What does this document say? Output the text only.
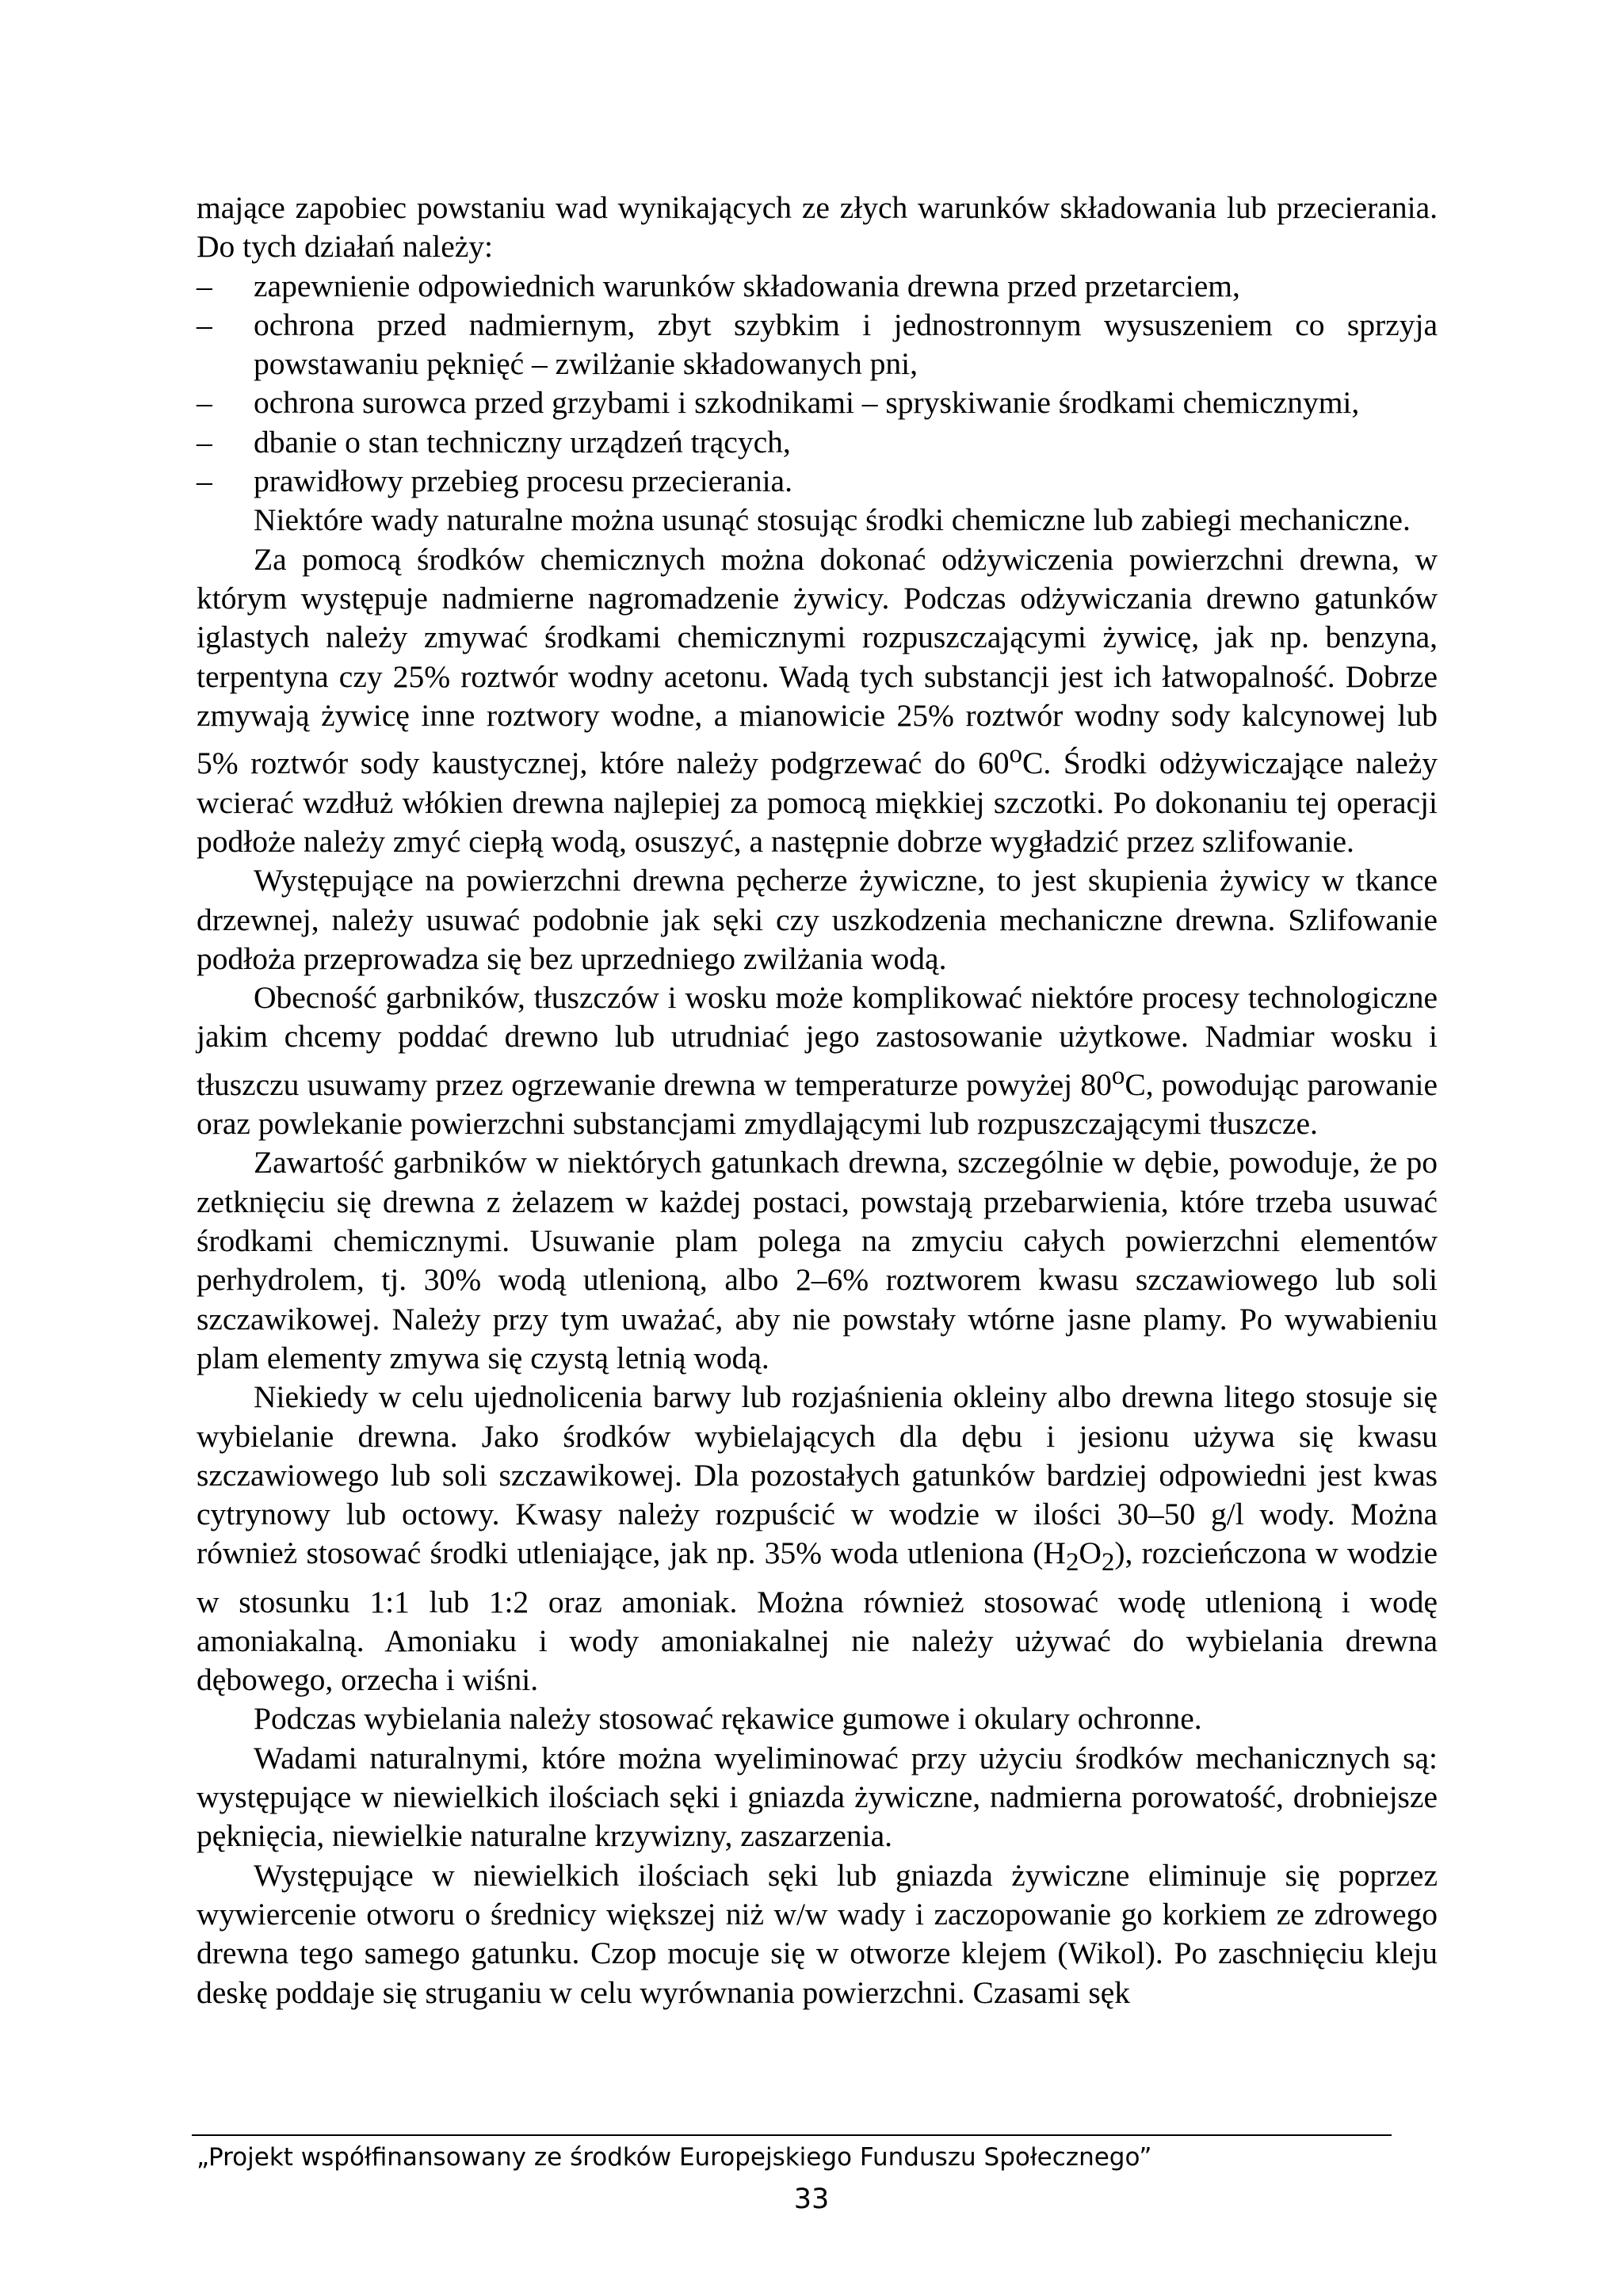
mające zapobiec powstaniu wad wynikających ze złych warunków składowania lub przecierania. Do tych działań należy:

– zapewnienie odpowiednich warunków składowania drewna przed przetarciem,
– ochrona przed nadmiernym, zbyt szybkim i jednostronnym wysuszeniem co sprzyja powstawaniu pęknięć – zwilżanie składowanych pni,
– ochrona surowca przed grzybami i szkodnikami – spryskiwanie środkami chemicznymi,
– dbanie o stan techniczny urządzeń trących,
– prawidłowy przebieg procesu przecierania.

Niektóre wady naturalne można usunąć stosując środki chemiczne lub zabiegi mechaniczne.

Za pomocą środków chemicznych można dokonać odżywiczenia powierzchni drewna, w którym występuje nadmierne nagromadzenie żywicy. Podczas odżywiczania drewno gatunków iglastych należy zmywać środkami chemicznymi rozpuszczającymi żywicę, jak np. benzyna, terpentyna czy 25% roztwór wodny acetonu. Wadą tych substancji jest ich łatwopalność. Dobrze zmywają żywicę inne roztwory wodne, a mianowicie 25% roztwór wodny sody kalcynowej lub 5% roztwór sody kaustycznej, które należy podgrzewać do 60$^o$C. Środki odżywiczające należy wcierać wzdłuż włókien drewna najlepiej za pomocą miękkiej szczotki. Po dokonaniu tej operacji podłoże należy zmyć ciepłą wodą, osuszyć, a następnie dobrze wygładzić przez szlifowanie.

Występujące na powierzchni drewna pęcherze żywiczne, to jest skupienia żywicy w tkance drzewnej, należy usuwać podobnie jak sęki czy uszkodzenia mechaniczne drewna. Szlifowanie podłoża przeprowadza się bez uprzedniego zwilżania wodą.

Obecność garbników, tłuszczów i wosku może komplikować niektóre procesy technologiczne jakim chcemy poddać drewno lub utrudniać jego zastosowanie użytkowe. Nadmiar wosku i tłuszczu usuwamy przez ogrzewanie drewna w temperaturze powyżej 80$^o$C, powodując parowanie oraz powlekanie powierzchni substancjami zmydlającymi lub rozpuszczającymi tłuszcze.

Zawartość garbników w niektórych gatunkach drewna, szczególnie w dębie, powoduje, że po zetknięciu się drewna z żelazem w każdej postaci, powstają przebarwienia, które trzeba usuwać środkami chemicznymi. Usuwanie plam polega na zmyciu całych powierzchni elementów perhydrolem, tj. 30% wodą utlenioną, albo 2–6% roztworem kwasu szczawiowego lub soli szczawikowej. Należy przy tym uważać, aby nie powstały wtórne jasne plamy. Po wywabieniu plam elementy zmywa się czystą letnią wodą.

Niekiedy w celu ujednolicenia barwy lub rozjaśnienia okleiny albo drewna litego stosuje się wybielanie drewna. Jako środków wybielających dla dębu i jesionu używa się kwasu szczawiowego lub soli szczawikowej. Dla pozostałych gatunków bardziej odpowiedni jest kwas cytrynowy lub octowy. Kwasy należy rozpuścić w wodzie w ilości 30–50 g/l wody. Można również stosować środki utleniające, jak np. 35% woda utleniona $(H_2O_2)$, rozcieńczona w wodzie w stosunku 1:1 lub 1:2 oraz amoniak. Można również stosować wodę utlenioną i wodę amoniakalną. Amoniaku i wody amoniakalnej nie należy używać do wybielania drewna dębowego, orzecha i wiśni.

Podczas wybielania należy stosować rękawice gumowe i okulary ochronne.

Wadami naturalnymi, które można wyeliminować przy użyciu środków mechanicznych są: występujące w niewielkich ilościach sęki i gniazda żywiczne, nadmierna porowatość, drobniejsze pęknięcia, niewielkie naturalne krzywizny, zaszarzenia.

Występujące w niewielkich ilościach sęki lub gniazda żywiczne eliminuje się poprzez wywiercenie otworu o średnicy większej niż w/w wady i zaczopowanie go korkiem ze zdrowego drewna tego samego gatunku. Czop mocuje się w otworze klejem (Wikol). Po zaschnięciu kleju deskę poddaje się struganiu w celu wyrównania powierzchni. Czasami sęk

„Projekt współfinansowany ze środków Europejskiego Funduszu Społecznego”
33
